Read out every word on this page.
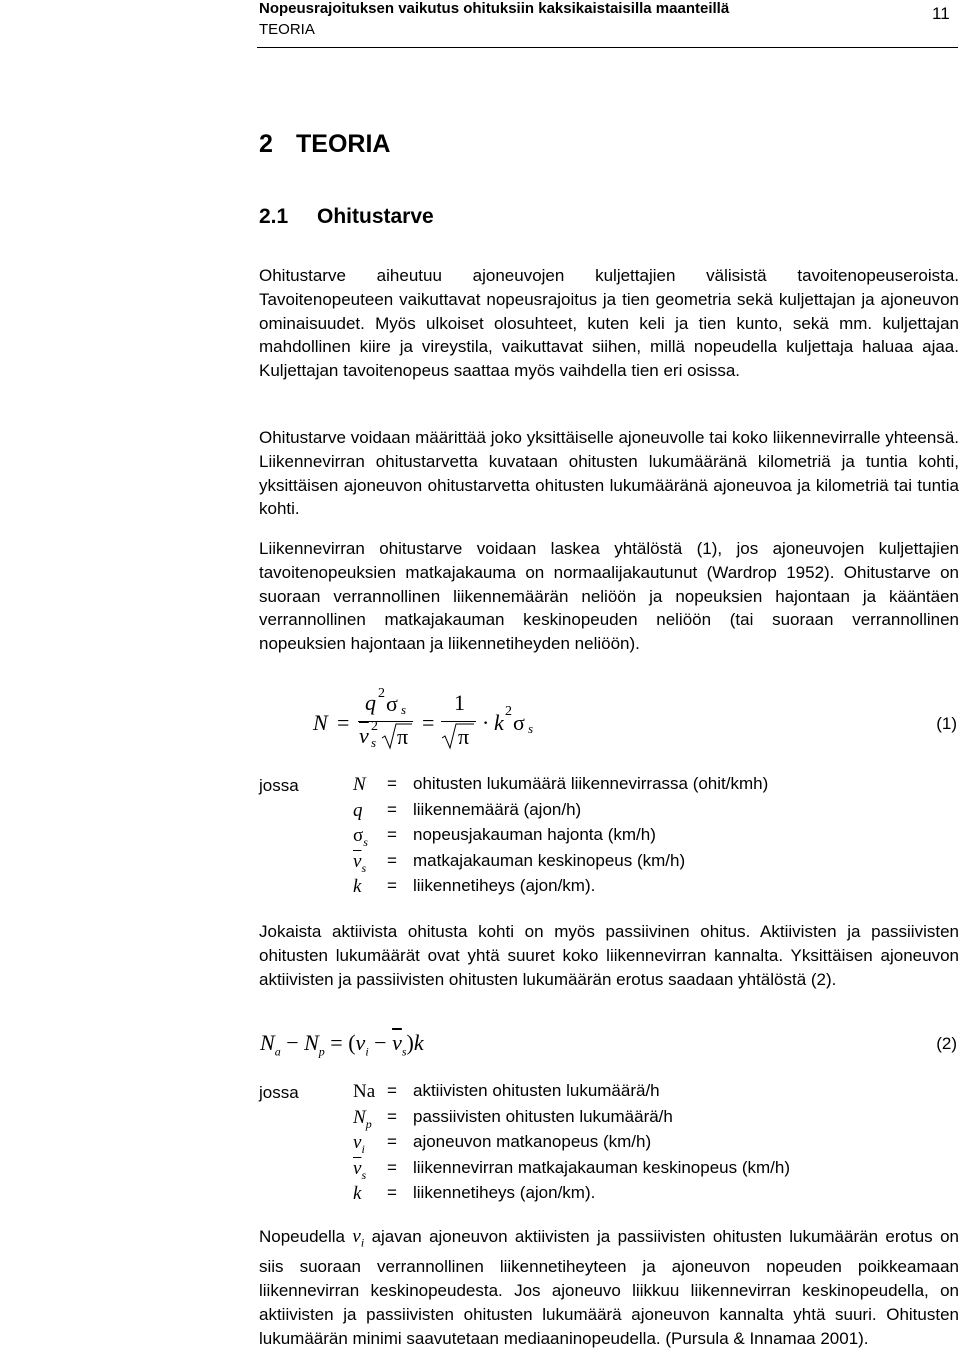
Nopeusrajoituksen vaikutus ohituksiin kaksikaistaisilla maanteillä
TEORIA
11
2 TEORIA
2.1 Ohitustarve

Ohitustarve aiheutuu ajoneuvojen kuljettajien välisistä tavoitenopeuseroista. Tavoitenopeuteen vaikuttavat nopeusrajoitus ja tien geometria sekä kuljettajan ja ajoneuvon ominaisuudet. Myös ulkoiset olosuhteet, kuten keli ja tien kunto, sekä mm. kuljettajan mahdollinen kiire ja vireystila, vaikuttavat siihen, millä nopeudella kuljettaja haluaa ajaa. Kuljettajan tavoitenopeus saattaa myös vaihdella tien eri osissa.

Ohitustarve voidaan määrittää joko yksittäiselle ajoneuvolle tai koko liikennevirralle yhteensä. Liikennevirran ohitustarvetta kuvataan ohitusten lukumääränä kilometriä ja tuntia kohti, yksittäisen ajoneuvon ohitustarvetta ohitusten lukumääränä ajoneuvoa ja kilometriä tai tuntia kohti.

Liikennevirran ohitustarve voidaan laskea yhtälöstä (1), jos ajoneuvojen kuljettajien tavoitenopeuksien matkajakauma on normaalijakautunut (Wardrop 1952). Ohitustarve on suoraan verrannollinen liikennemäärän neliöön ja nopeuksien hajontaan ja kääntäen verrannollinen matkajakauman keskinopeuden neliöön (tai suoraan verrannollinen nopeuksien hajontaan ja liikennetiheyden neliöön).

N =
q 2 σ s
$\overline{v}$ 2
s π
=
1
π
· k 2 σ s	(1)
jossa	N	= ohitusten lukumäärä liikennevirrassa (ohit/kmh)
q	= liikennemäärä (ajon/h)
$\sigma_s$	= nopeusjakauman hajonta (km/h)
$\overline{v}_s$	= matkajakauman keskinopeus (km/h)
k	= liikennetiheys (ajon/km).

Jokaista aktiivista ohitusta kohti on myös passiivinen ohitus. Aktiivisten ja passiivisten ohitusten lukumäärät ovat yhtä suuret koko liikennevirran kannalta. Yksittäisen ajoneuvon aktiivisten ja passiivisten ohitusten lukumäärän erotus saadaan yhtälöstä (2).

$N_a - N_p = (v_i - \overline{v}_s)k$	(2)
jossa	Na = aktiivisten ohitusten lukumäärä/h
$N_p$ = passiivisten ohitusten lukumäärä/h
$v_i$	= ajoneuvon matkanopeus (km/h)
$\overline{v}_s$	= liikennevirran matkajakauman keskinopeus (km/h)
k	= liikennetiheys (ajon/km).

Nopeudella $v_i$ ajavan ajoneuvon aktiivisten ja passiivisten ohitusten lukumäärän erotus on siis suoraan verrannollinen liikennetiheyteen ja ajoneuvon nopeuden poikkeamaan liikennevirran keskinopeudesta. Jos ajoneuvo liikkuu liikennevirran keskinopeudella, on aktiivisten ja passiivisten ohitusten lukumäärä ajoneuvon kannalta yhtä suuri. Ohitusten lukumäärän minimi saavutetaan mediaaninopeudella. (Pursula & Innamaa 2001).
